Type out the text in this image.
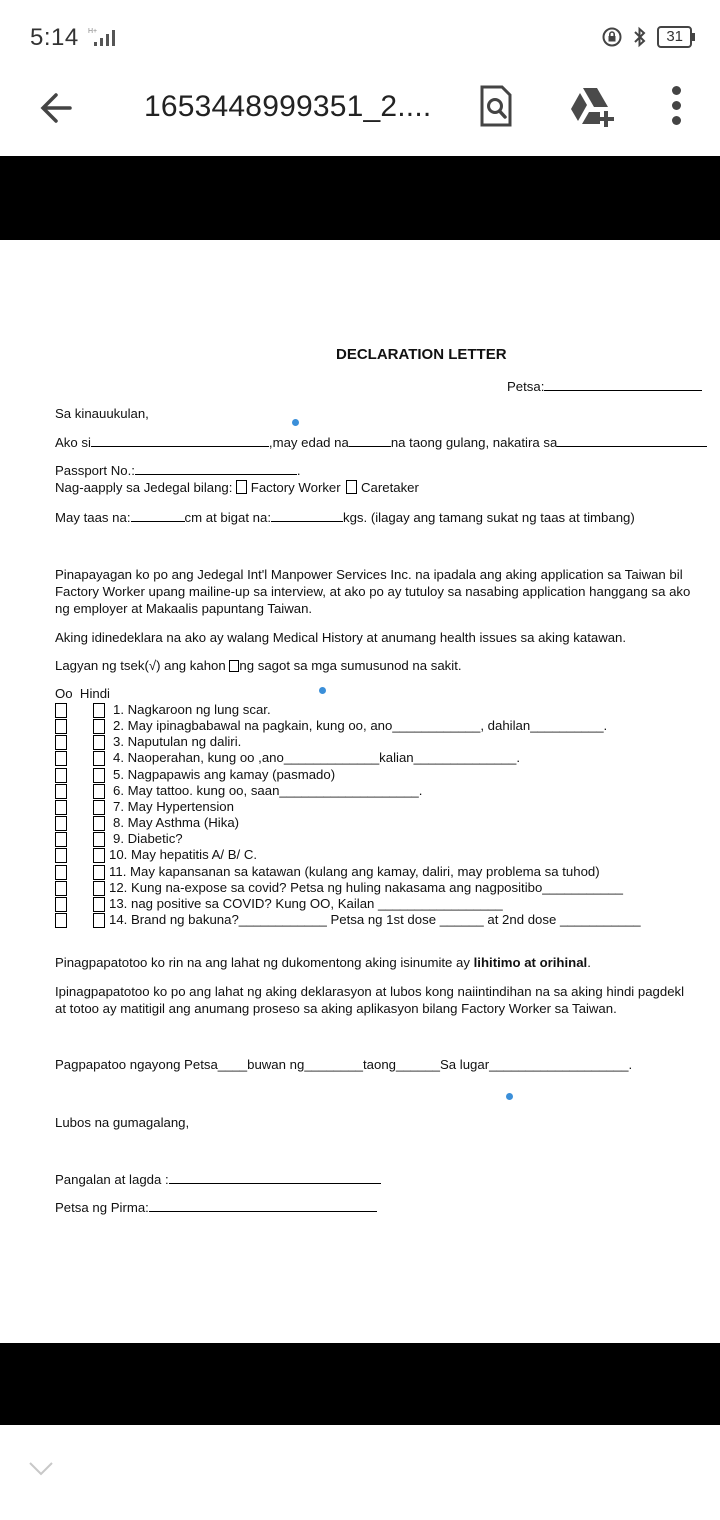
5:14 H+	31
1653448999351_2....
DECLARATION LETTER
Petsa:
Sa kinauukulan,
Ako si	,may edad na	na taong gulang, nakatira sa
Passport No.:	.
Nag-aapply sa Jedegal bilang: Factory Worker Caretaker
May taas na:	cm at bigat na:	kgs. (ilagay ang tamang sukat ng taas at timbang)
Pinapayagan ko po ang Jedegal Int'l Manpower Services Inc. na ipadala ang aking application sa Taiwan bil
Factory Worker upang mailine-up sa interview, at ako po ay tutuloy sa nasabing application hanggang sa ako
ng employer at Makaalis papuntang Taiwan.
Aking idinedeklara na ako ay walang Medical History at anumang health issues sa aking katawan.
Lagyan ng tsek(√) ang kahon ng sagot sa mga sumusunod na sakit.
Oo Hindi
1. Nagkaroon ng lung scar.
2. May ipinagbabawal na pagkain, kung oo, ano____________, dahilan__________.
3. Naputulan ng daliri.
4. Naoperahan, kung oo ,ano_____________kalian______________.
5. Nagpapawis ang kamay (pasmado)
6. May tattoo. kung oo, saan___________________.
7. May Hypertension
8. May Asthma (Hika)
9. Diabetic?
10. May hepatitis A/ B/ C.
11. May kapansanan sa katawan (kulang ang kamay, daliri, may problema sa tuhod)
12. Kung na-expose sa covid? Petsa ng huling nakasama ang nagpositibo___________
13. nag positive sa COVID? Kung OO, Kailan _________________
14. Brand ng bakuna?____________ Petsa ng 1st dose ______ at 2nd dose ___________
Pinagpapatotoo ko rin na ang lahat ng dukomentong aking isinumite ay lihitimo at orihinal.
Ipinagpapatotoo ko po ang lahat ng aking deklarasyon at lubos kong naiintindihan na sa aking hindi pagdekl
at totoo ay matitigil ang anumang proseso sa aking aplikasyon bilang Factory Worker sa Taiwan.
Pagpapatoo ngayong Petsa____buwan ng________taong______Sa lugar___________________.
Lubos na gumagalang,
Pangalan at lagda :
Petsa ng Pirma:
